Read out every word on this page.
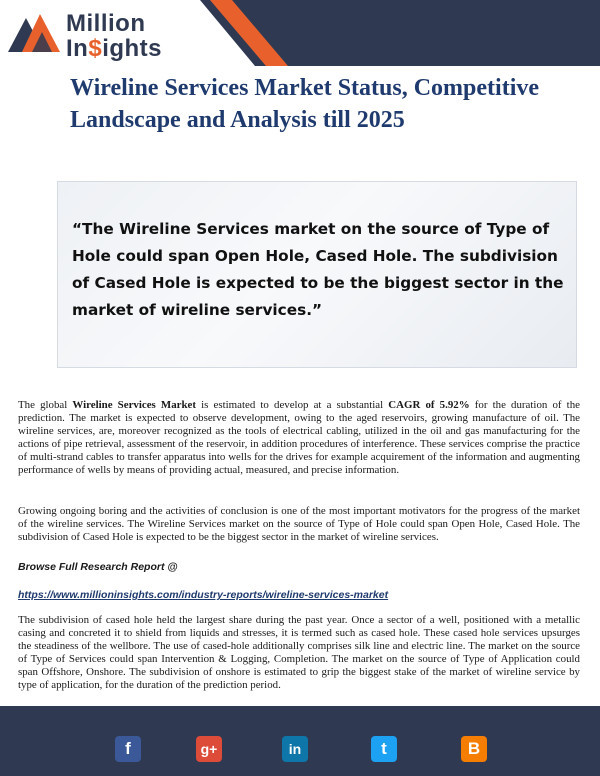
Million
In$ights
Wireline Services Market Status, Competitive Landscape and Analysis till 2025
“The Wireline Services market on the source of Type of Hole could span Open Hole, Cased Hole. The subdivision of Cased Hole is expected to be the biggest sector in the market of wireline services.”
The global Wireline Services Market is estimated to develop at a substantial CAGR of 5.92% for the duration of the prediction. The market is expected to observe development, owing to the aged reservoirs, growing manufacture of oil. The wireline services, are, moreover recognized as the tools of electrical cabling, utilized in the oil and gas manufacturing for the actions of pipe retrieval, assessment of the reservoir, in addition procedures of interference. These services comprise the practice of multi-strand cables to transfer apparatus into wells for the drives for example acquirement of the information and augmenting performance of wells by means of providing actual, measured, and precise information.
Growing ongoing boring and the activities of conclusion is one of the most important motivators for the progress of the market of the wireline services. The Wireline Services market on the source of Type of Hole could span Open Hole, Cased Hole. The subdivision of Cased Hole is expected to be the biggest sector in the market of wireline services.
Browse Full Research Report @
https://www.millioninsights.com/industry-reports/wireline-services-market
The subdivision of cased hole held the largest share during the past year. Once a sector of a well, positioned with a metallic casing and concreted it to shield from liquids and stresses, it is termed such as cased hole. These cased hole services upsurges the steadiness of the wellbore. The use of cased-hole additionally comprises silk line and electric line. The market on the source of Type of Services could span Intervention & Logging, Completion. The market on the source of Type of Application could span Offshore, Onshore. The subdivision of onshore is estimated to grip the biggest stake of the market of wireline service by type of application, for the duration of the prediction period.
f	g+	in	t	B
